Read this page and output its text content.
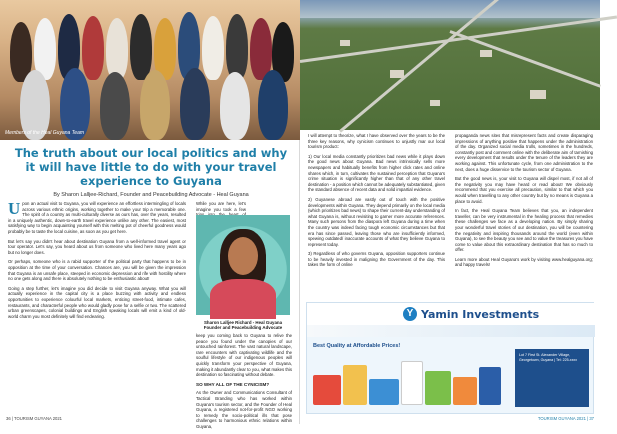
Members of the Heal Guyana Team
The truth about our local politics and why
it will have little to do with your travel
experience to Guyana
By Sharon Lalljee-Richard, Founder and Peacebuilding Advocate - Heal Guyana

Upon an actual visit to Guyana, you will experience an effortless intermingling of locals across various ethnic origins, working together to make your trip a memorable one. The spirit of a country as multi-culturally diverse as ours has, over the years, resulted in a uniquely authentic, down-to-earth travel experience unlike any other. The easiest, most satisfying way to begin acquainting yourself with this melting pot of cheerful goodness would probably be to taste the local cuisine, as soon as you get here.

But let's say you didn't hear about destination Guyana from a well-informed travel agent or tour operator. Let's say, you heard about us from someone who lived here many years ago but no longer does.

Or perhaps, someone who is a rabid supporter of the political party that happens to be in opposition at the time of your conversation. Chances are, you will be given the impression that Guyana is an unsafe place, steeped in economic depression and rife with hostility where no one gets along and there is absolutely nothing to be enthusiastic about!

Going a step further, let's imagine you did decide to visit Guyana anyway. What you will actually experience in the capital city is a place buzzing with activity and endless opportunities to experience colourful local markets, enticing street-food, intimate cafes, restaurants, and characterful people who would gladly pose for a selfie or two. The scattered urban greenscapes, colonial buildings and English speaking locals will emit a kind of old-world charm you most definitely will find endearing.

While you are here, let's imagine you took a few
Sharon Lalljee Richard - Heal Guyana Founder and Peacebuilding Advocate

keep you coming back to Guyana to relive the peace you found under the canopies of our untouched rainforest. The vast natural landscape, rare encounters with captivating wildlife and the soulful lifestyle of our indigenous peoples will quickly transform your perspective of Guyana, making it abundantly clear to you, what makes this destination so fascinating without debate.

SO WHY ALL OF THE CYNICISM?

As the Owner and Communications Consultant of Tactical Branding who has worked within Guyana's tourism sector, and the Founder of Heal Guyana, a registered not-for-profit NGO working to remedy the socio-political ills that pose challenges to harmonious ethnic relations within Guyana,

36 | TOURISM GUYANA 2021

I will attempt to theorize, what I have observed over the years to be the three key reasons, why cynicism continues to unjustly mar our local tourism product:

1) Our local media constantly prioritizes bad news while it plays down the good news about Guyana. Bad news intrinsically sells more newspapers and habitually benefits from higher click rates and online shares which, in turn, cultivates the sustained perception that Guyana's crime situation is significantly higher than that of any other travel destination - a position which cannot be adequately substantiated, given the standard absence of recent data and solid impartial evidence.

2) Guyanese abroad are vastly out of touch with the positive developments within Guyana. They depend primarily on the local media (which prioritizes bad news) to shape their current-day understanding of what Guyana is, without revisiting to garner more accurate references. Many such persons from the diaspora left Guyana during a time when the country was indeed facing tough economic circumstances but that era has since passed, leaving those who are insufficiently informed, spewing outdated/ inaccurate accounts of what they believe Guyana to represent today.

3) Regardless of who governs Guyana, opposition supporters continue to be heavily invested in maligning the Government of the day. This takes the form of online

propaganda news sites that misrepresent facts and create disparaging impressions of anything positive that happens under the administration of the day. Organized social media trolls, sometimes in the hundreds, constantly post and comment online with the deliberate aim of tarnishing every development that results under the tenure of the leaders they are working against. This unfortunate cycle, from one administration to the next, does a huge disservice to the tourism sector of Guyana.

But the good news is, your visit to Guyana will dispel most, if not all of the negativity you may have heard or read about! We obviously recommend that you exercise all precaution, similar to that which you would when travelling to any other country but by no means is Guyana a place to avoid.

In fact, the Heal Guyana Team believes that you, an independent traveller, can be very instrumental in the healing process that remedies these challenges we face as a developing nation. By simply sharing your wonderful travel stories of our destination, you will be countering the negativity and inspiring thousands around the world (even within Guyana), to see the beauty you see and to value the treasures you have come to value about this extraordinary destination that has so much to offer.

Learn more about Heal Guyana's work by visiting www.healguyana.org; and happy travels!

Y Yamin Investments
Best Quality at Affordable Prices!
Lot 7 First St. Alexander Village, Georgetown, Guyana | Tel: 225-xxxx
TOURISM GUYANA 2021 | 37
